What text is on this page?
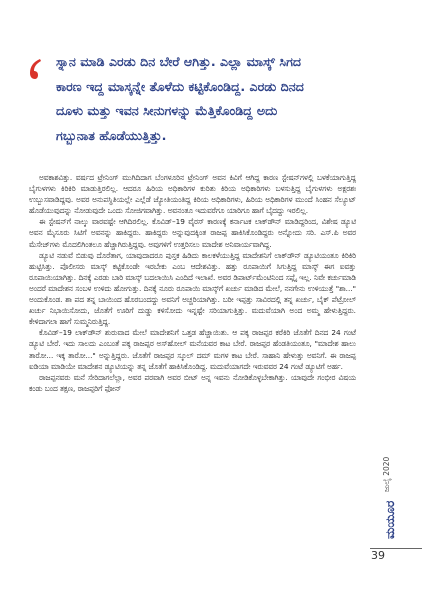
ಸ್ನಾನ ಮಾಡಿ ಎರಡು ದಿನ ಬೇರೆ ಆಗಿತ್ತು. ಎಲ್ಲಾ ಮಾಸ್ಕ್ ಸಿಗದ
ಕಾರಣ ಇದ್ದ ಮಾಸ್ಕನ್ನೇ ತೊಳೆದು ಕಟ್ಟಿಕೊಂಡಿದ್ದ. ಎರಡು ದಿನದ
ದೂಳು ಮತ್ತು ಇವನ ಸೀನುಗಳನ್ನು ಮೆತ್ತಿಕೊಂಡಿದ್ದ ಅದು
ಗಬ್ಬುನಾತ ಹೊಡೆಯುತ್ತಿತ್ತು.

ಅವಕಾಶವಿತ್ತು. ವರ್ಷದ ಟ್ರೇನಿಂಗ್ ಮುಗಿದಿದಾಗ ಬೆಂಗಳೂರಿನ ಟ್ರೇನಿಂಗ್ ಅವನ ಕಿವಿಗೆ ಆಗಿದ್ದ ಕಾರಣ ಸ್ಟೇಷನ್‌ಗಳಲ್ಲಿ ಬಳಕೆಯಾಗುತ್ತಿದ್ದ ಬೈಗುಳಗಳು ಕಿರಿಕಿರಿ ಮಾಡುತ್ತಿರಲಿಲ್ಲ. ಆದರೂ ಹಿರಿಯ ಅಧಿಕಾರಿಗಳ ಕುರಿತು ಕಿರಿಯ ಅಧಿಕಾರಿಗಳು ಬಳಸುತ್ತಿದ್ದ ಬೈಗುಳಗಳು ಅಕ್ಷರಶಃ ಉಬ್ಬುಸವಾಡಿದ್ದವು. ಅವರ ಅನುಪಸ್ಥಿತಿಯಲ್ಲೇ ಎಲ್ಲೆಡೆ ಜ್ಯೋತಿಯಂತಿದ್ದ ಕಿರಿಯ ಅಧಿಕಾರಿಗಳು, ಹಿರಿಯ ಅಧಿಕಾರಿಗಳ ಮುಂದೆ ಸಿಂಹನ ಸೆಲ್ಯೂಟ್ ಹೊಡೆಯುವುದನ್ನು ನೋಡುವುದೇ ಒಂದು ಸೋಜಿಗವಾಗಿತ್ತು. ಅವನಂತೂ ಇದುವರೆಗೂ ಯಾರಿಗೂ ಹಾಗೆ ಬೈದದ್ದು ಇರಲಿಲ್ಲ.

ಈ ಸ್ಟೇಷನ್‌ಗೆ ನಾಲ್ಕು ವಾರವಷ್ಟೇ ಆಗಿದಿರಲಿಲ್ಲ. ಕೊವಿಡ್–19 ವೈರಸ್ ಕಾರಣಕ್ಕೆ ಕರ್ನಾಟಕ ಲಾಕ್‌ಡೌನ್ ಮಾಡಿದ್ದರಿಂದ, ವಿಶೇಷ ಡ್ಯೂಟಿ ಅವನ ಮೈಸೂರು ಸಿಟಿಗೆ ಅವನನ್ನು ಹಾಕಿದ್ದರು. ಹಾಕಿದ್ದರು ಅನ್ನುವುದಕ್ಕಿಂತ ರಾಜಪ್ಪ ಹಾಕಿಸಿಕೊಂಡಿದ್ದರು ಅನ್ನೋದು ಸರಿ. ಎಸ್.ಪಿ ಅವರ ಮೆಸೇಜ್‌ಗಳು ಮೊದಲಿಗಿಂತಲೂ ಹೆಚ್ಚಾಗಿರುತ್ತಿದ್ದವು. ಅವುಗಳಿಗೆ ಉತ್ತರಿಸಲು ಮಾದೇಶ ಅನಿವಾರ್ಯವಾಗಿದ್ದ.

ಡ್ಯೂಟಿ ನಡುವೆ ಬಿಡುವು ದೊರೆತಾಗ, ಯಾವುದಾದರೂ ಪುಸ್ತಕ ಹಿಡಿದು ಕಾಲಕಳೆಯುತ್ತಿದ್ದ ಮಾದೇಶನಿಗೆ ಲಾಕ್‌ಡೌನ್ ಡ್ಯೂಟಿಯಂತೂ ಕಿರಿಕಿರಿ ಹುಟ್ಟಿಸಿತ್ತು. ಪೊಲೀಸರು ಮಾಸ್ಕ್ ಕಟ್ಟಿಕೊಂಡೇ ಇರಬೇಕು ಎಂಬ ಆದೇಶವಿತ್ತು. ಹತ್ತು ರೂಪಾಯಿಗೆ ಸಿಗುತ್ತಿದ್ದ ಮಾಸ್ಕ್ ಈಗ ಐವತ್ತು ರೂಪಾಯಿಯಾಗಿತ್ತು. ದಿನಕ್ಕೆ ಎರಡು ಬಾರಿ ಮಾಸ್ಕ್ ಬದಲಾಯಿಸಿ ಎಂದಿದೆ ಇಲಾಖೆ. ಅವರ ಡಿಪಾರ್ಟ್‌ಮೆಂಟಿನಿಂದ ಸಪ್ಲೈ ಇಲ್ಲ. ನಿವೇ ಕರ್ಚುಮಾಡಿ ಅಂದರೆ ಮಾದೇಶನ ಸಂಬಳ ಉಳಿದು ಹೋಗುತ್ತು. ದಿನಕ್ಕೆ ನೂರು ರೂಪಾಯಿ ಮಾಸ್ಕ್‌ಗೆ ಖರ್ಚು ಮಾಡಿದ ಮೇಲೆ, ನನಗೇನು ಉಳಿಯುತ್ತೆ "ಶಾ..." ಅಂದುಕೊಂಡ. ಶಾ ಪದ ತನ್ನ ಬಾಯಿಂದ ಹೊರಬಂದದ್ದು ಅವನಿಗೆ ಅಚ್ಚರಿಯಾಗಿತ್ತು. ಬರೀ ಇಪ್ಪತ್ತು ಸಾವಿರದಲ್ಲಿ ತನ್ನ ಖರ್ಚು, ಬೈಕ್ ಪೆಟ್ರೋಲ್ ಖರ್ಚು ನಿಭಾಯಿಸೋದು, ಜೊತೆಗೆ ಊರಿಗೆ ದುಡ್ಡು ಕಳಿಸೋದು ಇನ್ನಷ್ಟೇ ಸರಿಯಾಗುತ್ತಿತ್ತು. ಮದುವೆಯಾಗಿ ಅಂದ ಅಮ್ಮ ಹೇಳುತ್ತಿದ್ದರು. ಕೇಳಿದಾಗಲಾ ಹಾಗೆ ಸುಮ್ಮನಿರುತ್ತಿದ್ದ.

ಕೊವಿಡ್–19 ಲಾಕ್‌ಡೌನ್ ಶುರುವಾದ ಮೇಲೆ ಮಾದೇಶನಿಗೆ ಒತ್ತಡ ಹೆಚ್ಚಾಯಿತು. ಆ ಪಕ್ಕ ರಾಜಪ್ಪರ ಕರೆಕಿರಿ ಜೊತೆಗೆ ದಿನದ 24 ಗಂಟೆ ಡ್ಯೂಟಿ ಬೇರೆ. ಇದು ಸಾಲದು ಎಂಬಂತೆ ಪಕ್ಕ ರಾಜಪ್ಪರ ಅಸ್‌ಹೋಲ್ ಮನೆಯವರ ಕಾಟ ಬೇರೆ. ರಾಜಪ್ಪರ ಹೆಂಡತಿಯಂತೂ, "ಮಾದೇಶ ಹಾಲು ತಾರೋ... ಇಕ್ಕ ತಾರೋ..." ಅನ್ನುತ್ತಿದ್ದರು. ಜೊತೆಗೆ ರಾಜಪ್ಪರ ಸ್ಕೂಲ್ ದಮ್ ಮಗಳ ಕಾಟ ಬೇರೆ. ಸಾಹಾನಿ ಹೇಳುತ್ತು ಅವನಿಗೆ. ಈ ರಾಜಪ್ಪ ಐಡಿಯಾ ಮಾಡಿಯೇ ಮಾದೇಶನ ಡ್ಯೂಟಿಯನ್ನು ತನ್ನ ಜೊತೆಗೆ ಹಾಕಿಸಿಕೊಂಡಿದ್ದ. ಮದುವೆಯಾಗದೇ ಇರುವವರ 24 ಗಂಟೆ ಡ್ಯೂಟಿಗೆ ಅರ್ಹ.

ರಾಜಪ್ಪನವರು ಮನೆ ಸೇರಿದಾಗಲೆಲ್ಲಾ, ಅವರ ಪರವಾಗಿ ಅವರ ಬೀಟ್ ಅನ್ನ ಇವನು ನೋಡಿಕೊಳ್ಳಬೇಕಾಗಿತ್ತು. ಯಾವುದೇ ಗಂಭೀರ ವಿಷಯ ಕಂಡು ಬಂದ ತಕ್ಷಣ, ರಾಜಪ್ಪರಿಗೆ ಫೋನ್

ಜುಲೈ 2020
ಮಯೂರ
39
